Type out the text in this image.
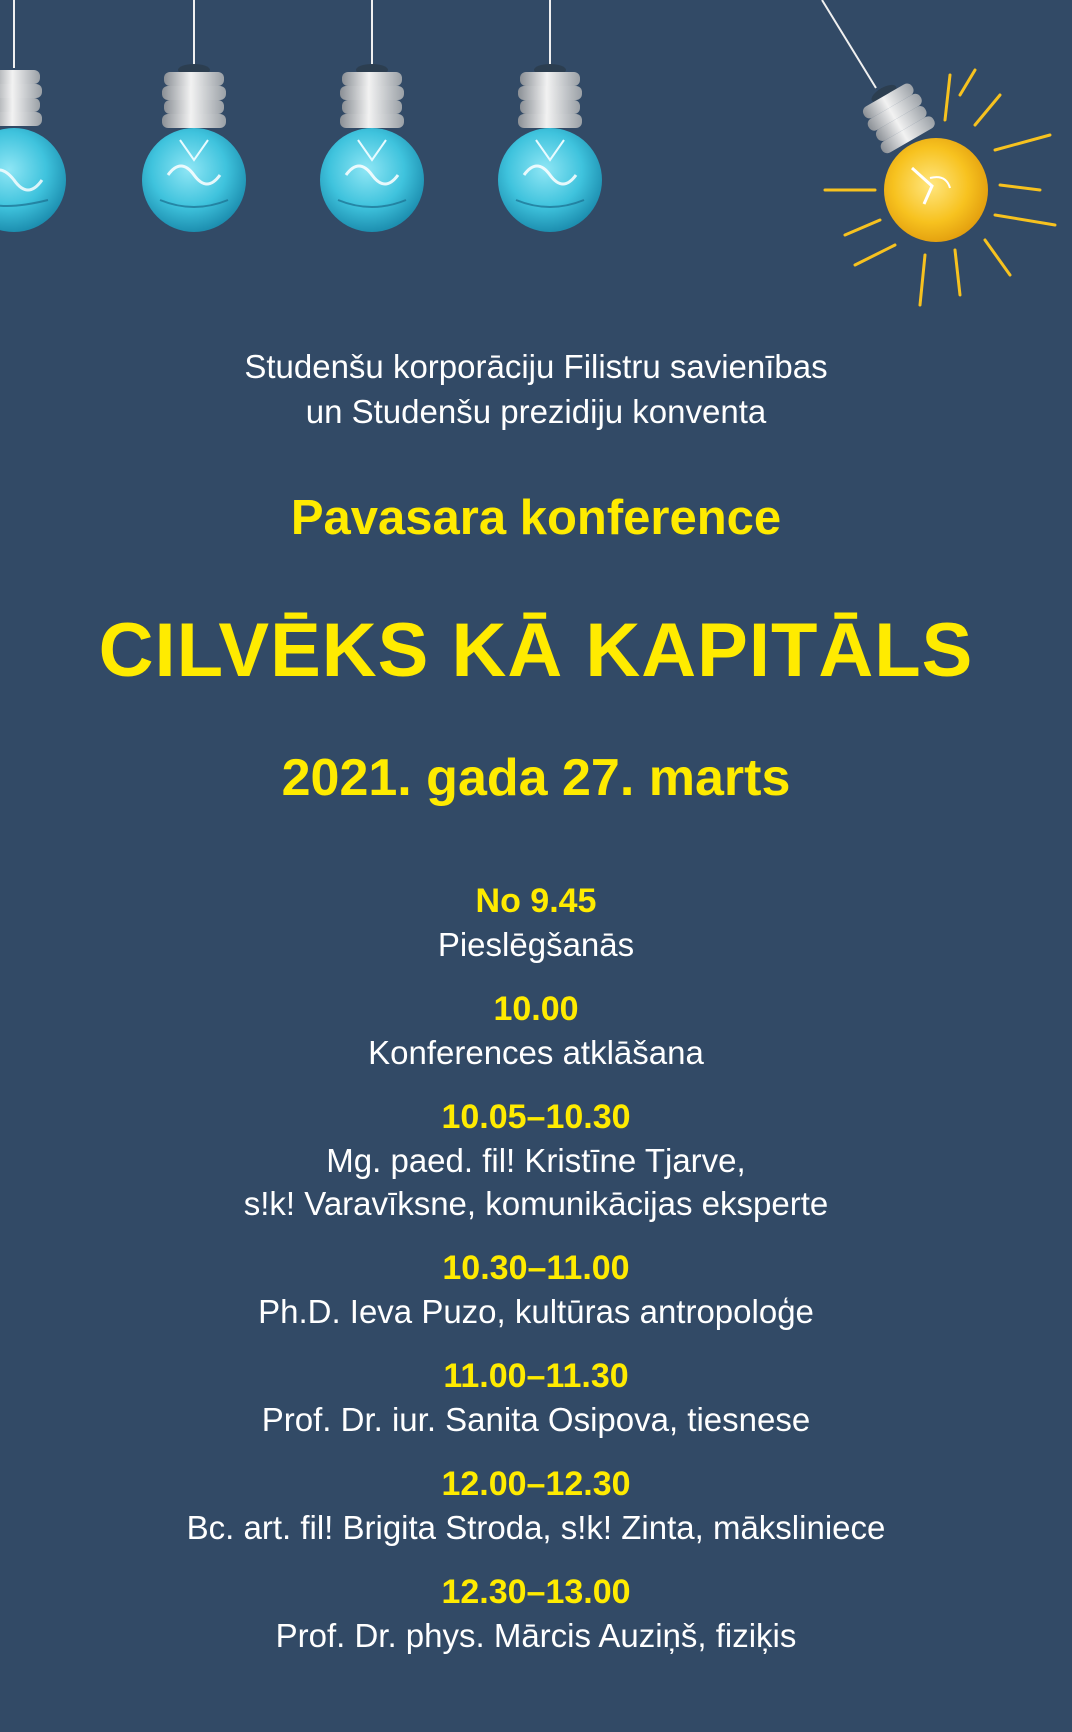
Studenšu korporāciju Filistru savienības
un Studenšu prezidiju konventa
Pavasara konference
CILVĒKS KĀ KAPITĀLS
2021. gada 27. marts
No 9.45
Pieslēgšanās
10.00
Konferences atklāšana
10.05–10.30
Mg. paed. fil! Kristīne Tjarve,
s!k! Varavīksne, komunikācijas eksperte
10.30–11.00
Ph.D. Ieva Puzo, kultūras antropoloģe
11.00–11.30
Prof. Dr. iur. Sanita Osipova, tiesnese
12.00–12.30
Bc. art. fil! Brigita Stroda, s!k! Zinta, māksliniece
12.30–13.00
Prof. Dr. phys. Mārcis Auziņš, fiziķis
